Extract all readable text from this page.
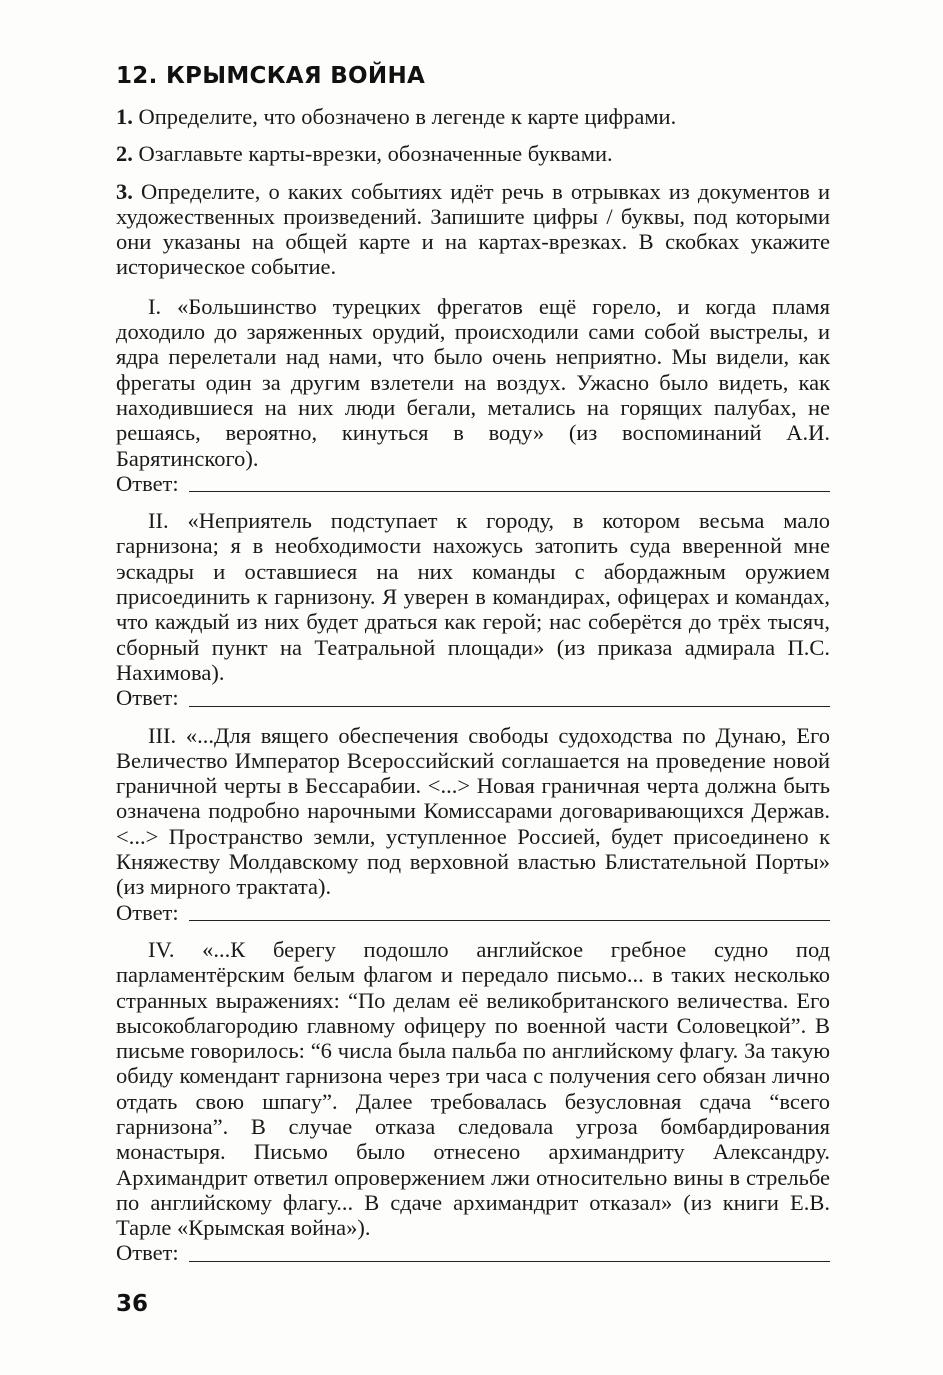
12. КРЫМСКАЯ ВОЙНА

1. Определите, что обозначено в легенде к карте цифрами.

2. Озаглавьте карты-врезки, обозначенные буквами.

3. Определите, о каких событиях идёт речь в отрывках из документов и художественных произведений. Запишите цифры / буквы, под которыми они указаны на общей карте и на картах-врезках. В скобках укажите историческое событие.

I. «Большинство турецких фрегатов ещё горело, и когда пламя доходило до заряженных орудий, происходили сами собой выстрелы, и ядра перелетали над нами, что было очень неприятно. Мы видели, как фрегаты один за другим взлетели на воздух. Ужасно было видеть, как находившиеся на них люди бегали, метались на горящих палубах, не решаясь, вероятно, кинуться в воду» (из воспоминаний А.И. Барятинского).

Ответ:

II. «Неприятель подступает к городу, в котором весьма мало гарнизона; я в необходимости нахожусь затопить суда вверенной мне эскадры и оставшиеся на них команды с абордажным оружием присоединить к гарнизону. Я уверен в командирах, офицерах и командах, что каждый из них будет драться как герой; нас соберётся до трёх тысяч, сборный пункт на Театральной площади» (из приказа адмирала П.С. Нахимова).

Ответ:

III. «...Для вящего обеспечения свободы судоходства по Дунаю, Его Величество Император Всероссийский соглашается на проведение новой граничной черты в Бессарабии. <...> Новая граничная черта должна быть означена подробно нарочными Комиссарами договаривающихся Держав. <...> Пространство земли, уступленное Россией, будет присоединено к Княжеству Молдавскому под верховной властью Блистательной Порты» (из мирного трактата).

Ответ:

IV. «...К берегу подошло английское гребное судно под парламентёрским белым флагом и передало письмо... в таких несколько странных выражениях: “По делам её великобританского величества. Его высокоблагородию главному офицеру по военной части Соловецкой”. В письме говорилось: “6 числа была пальба по английскому флагу. За такую обиду комендант гарнизона через три часа с получения сего обязан лично отдать свою шпагу”. Далее требовалась безусловная сдача “всего гарнизона”. В случае отказа следовала угроза бомбардирования монастыря. Письмо было отнесено архимандриту Александру. Архимандрит ответил опровержением лжи относительно вины в стрельбе по английскому флагу... В сдаче архимандрит отказал» (из книги Е.В. Тарле «Крымская война»).

Ответ:
36
